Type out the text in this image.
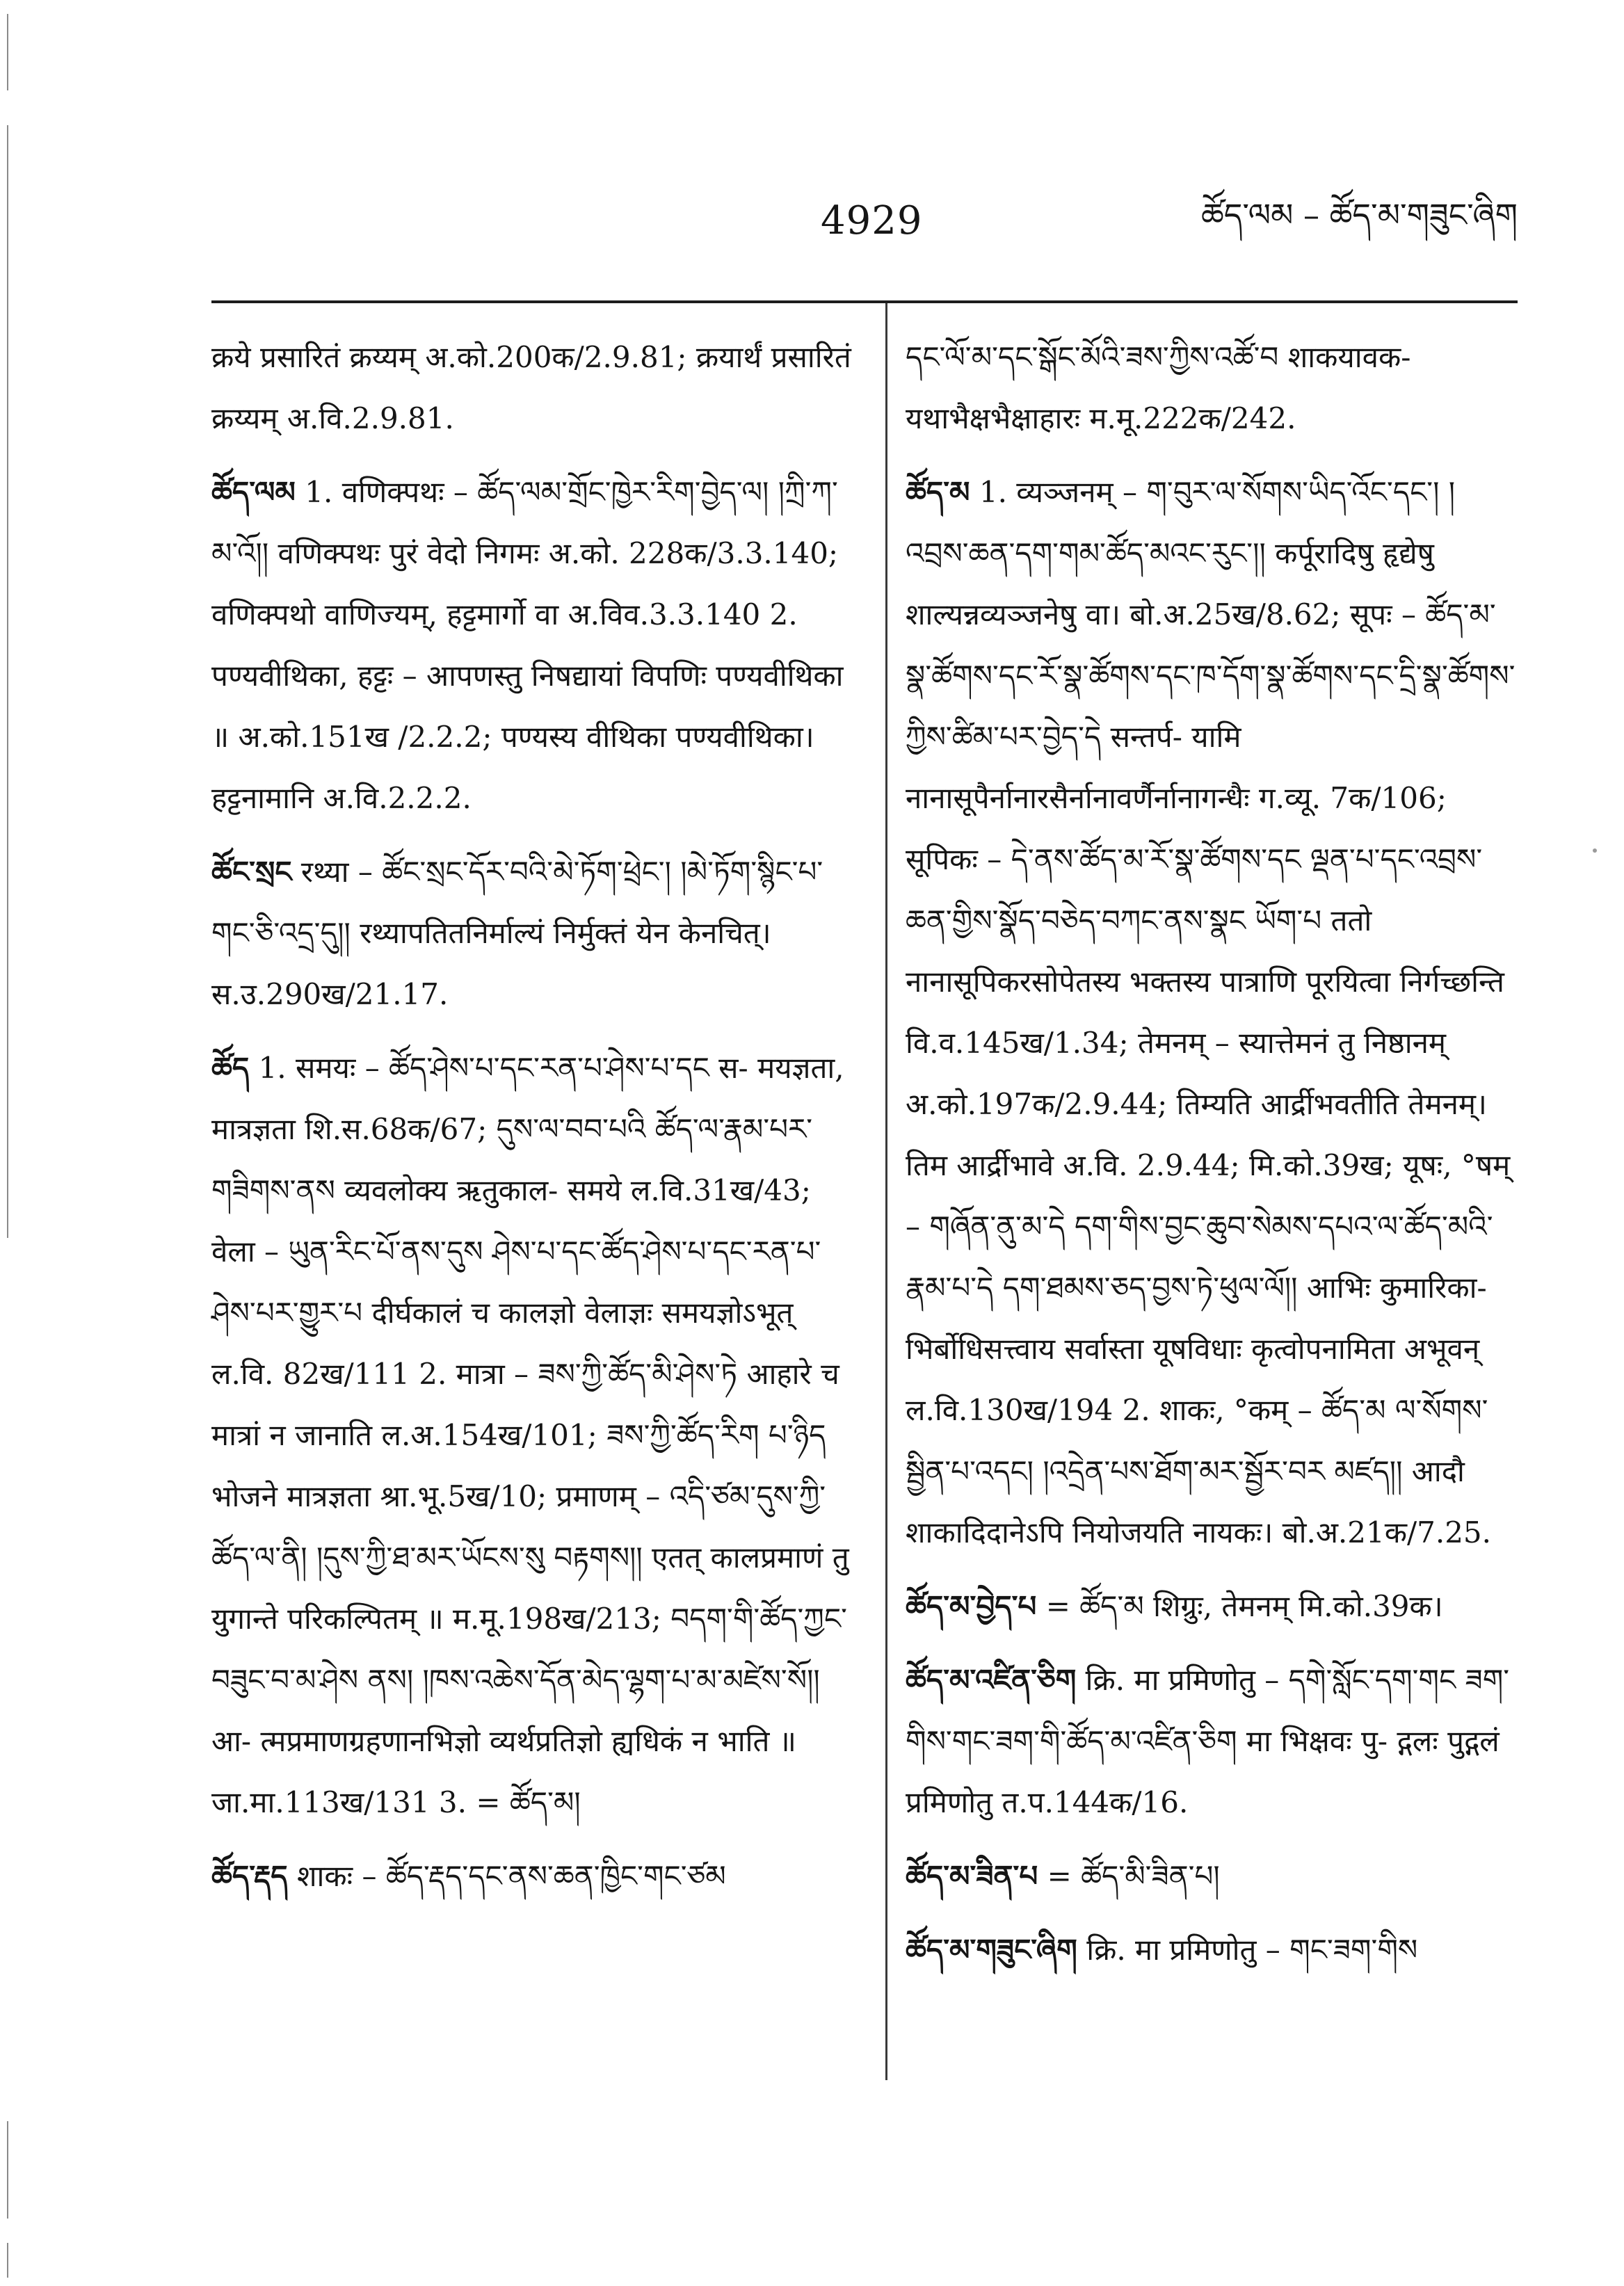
4929	ཚོད་ལམ – ཚོད་མ་གཟུང་ཞིག

क्रये प्रसारितं क्रय्यम् अ.को.200क/2.9.81; क्रयार्थं प्रसारितं क्रय्यम् अ.वि.2.9.81.

ཚོད་ལམ 1. वणिक्पथः – ཚོད་ལམ་གྲོང་ཁྱེར་རིག་བྱེད་ལ། །ཀྲི་ཀ་མ་འོ།། वणिक्पथः पुरं वेदो निगमः अ.को. 228क/3.3.140; वणिक्पथो वाणिज्यम्, हट्टमार्गो वा अ.विव.3.3.140 2. पण्यवीथिका, हट्टः – आपणस्तु निषद्यायां विपणिः पण्यवीथिका ॥ अ.को.151ख /2.2.2; पण्यस्य वीथिका पण्यवीथिका। हट्टनामानि अ.वि.2.2.2.

ཚོང་སྲང रथ्या – ཚོང་སྲང་དོར་བའི་མེ་ཏོག་ཕྲེང་། །མེ་ཏོག་སྙིང་པ་གང་ཅི་འདྲ་དུ།། रथ्यापतितनिर्माल्यं निर्मुक्तं येन केनचित्। स.उ.290ख/21.17.

ཚོད 1. समयः – ཚོད་ཤེས་པ་དང་རན་པ་ཤེས་པ་དང स- मयज्ञता, मात्रज्ञता शि.स.68क/67; དུས་ལ་བབ་པའི ཚོད་ལ་རྣམ་པར་གཟིགས་ནས व्यवलोक्य ऋतुकाल- समये ल.वि.31ख/43; वेला – ཡུན་རིང་པོ་ནས་དུས ཤེས་པ་དང་ཚོད་ཤེས་པ་དང་རན་པ་ཤེས་པར་གྱུར་པ दीर्घकालं च कालज्ञो वेलाज्ञः समयज्ञोऽभूत् ल.वि. 82ख/111 2. मात्रा – ཟས་ཀྱི་ཚོད་མི་ཤེས་ཏེ आहारे च मात्रां न जानाति ल.अ.154ख/101; ཟས་ཀྱི་ཚོད་རིག པ་ཉིད भोजने मात्रज्ञता श्रा.भू.5ख/10; प्रमाणम् – འདི་ཙམ་དུས་ཀྱི་ཚོད་ལ་ནི། །དུས་ཀྱི་ཐ་མར་ཡོངས་སུ བརྟགས།། एतत् कालप्रमाणं तु युगान्ते परिकल्पितम् ॥ म.मू.198ख/213; བདག་གི་ཚོད་ཀྱང་བཟུང་བ་མ་ཤེས ནས། །ཁས་འཆེས་དོན་མེད་ལྷག་པ་མ་མཛེས་སོ།། आ- त्मप्रमाणग्रहणानभिज्ञो व्यर्थप्रतिज्ञो ह्यधिकं न भाति ॥ जा.मा.113ख/131 3. = ཚོད་མ།

ཚོད་རྡད शाकः – ཚོད་རྡད་དང་ནས་ཆན་ཁྱིང་གང་ཙམ

དང་ལོ་མ་དང་སྒོང་མོའི་ཟས་ཀྱིས་འཚོ་བ शाकयावक- यथाभैक्षभैक्षाहारः म.मू.222क/242.

ཚོད་མ 1. व्यञ्जनम् – ག་བུར་ལ་སོགས་ཡིད་འོང་དང་། །འབྲས་ཆན་དག་གམ་ཚོད་མའང་རུང་།། कर्पूरादिषु हृद्येषु शाल्यन्नव्यञ्जनेषु वा। बो.अ.25ख/8.62; सूपः – ཚོད་མ་སྣ་ཚོགས་དང་རོ་སྣ་ཚོགས་དང་ཁ་དོག་སྣ་ཚོགས་དང་དྲི་སྣ་ཚོགས་ཀྱིས་ཚིམ་པར་བྱེད་དེ सन्तर्प- यामि नानासूपैर्नानारसैर्नानावर्णैर्नानागन्धैः ग.व्यू. 7क/106; सूपिकः – དེ་ནས་ཚོད་མ་རོ་སྣ་ཚོགས་དང ལྡན་པ་དང་འབྲས་ཆན་གྱིས་སྣོད་བཅེད་བཀང་ནས་སྣང ཡོག་པ ततो नानासूपिकरसोपेतस्य भक्तस्य पात्राणि पूरयित्वा निर्गच्छन्ति वि.व.145ख/1.34; तेमनम् – स्यात्तेमनं तु निष्ठानम् अ.को.197क/2.9.44; तिम्यति आर्द्रीभवतीति तेमनम्। तिम आर्द्रीभावे अ.वि. 2.9.44; मि.को.39ख; यूषः, °षम् – གཞོན་ནུ་མ་དེ དག་གིས་བྱང་ཆུབ་སེམས་དཔའ་ལ་ཚོད་མའི་རྣམ་པ་དེ དག་ཐམས་ཅད་བྱས་ཏེ་ཕུལ་ལོ།། आभिः कुमारिका- भिर्बोधिसत्त्वाय सर्वास्ता यूषविधाः कृत्वोपनामिता अभूवन् ल.वि.130ख/194 2. शाकः, °कम् – ཚོད་མ ལ་སོགས་སྦྱིན་པ་འདང། །འདྲེན་པས་ཐོག་མར་སྦྱོར་བར མཛད།། आदौ शाकादिदानेऽपि नियोजयति नायकः। बो.अ.21क/7.25.

ཚོད་མ་བྱེད་པ = ཚོད་མ शिग्रुः, तेमनम् मि.को.39क।

ཚོད་མ་འཛིན་ཅིག क्रि. मा प्रमिणोतु – དགེ་སློང་དག་གང ཟག་གིས་གང་ཟག་གི་ཚོད་མ་འཛིན་ཅིག मा भिक्षवः पु- द्गलः पुद्गलं प्रमिणोतु त.प.144क/16.

ཚོད་མ་ཟིན་པ = ཚོད་མི་ཟིན་པ།

ཚོད་མ་གཟུང་ཞིག क्रि. मा प्रमिणोतु – གང་ཟག་གིས
